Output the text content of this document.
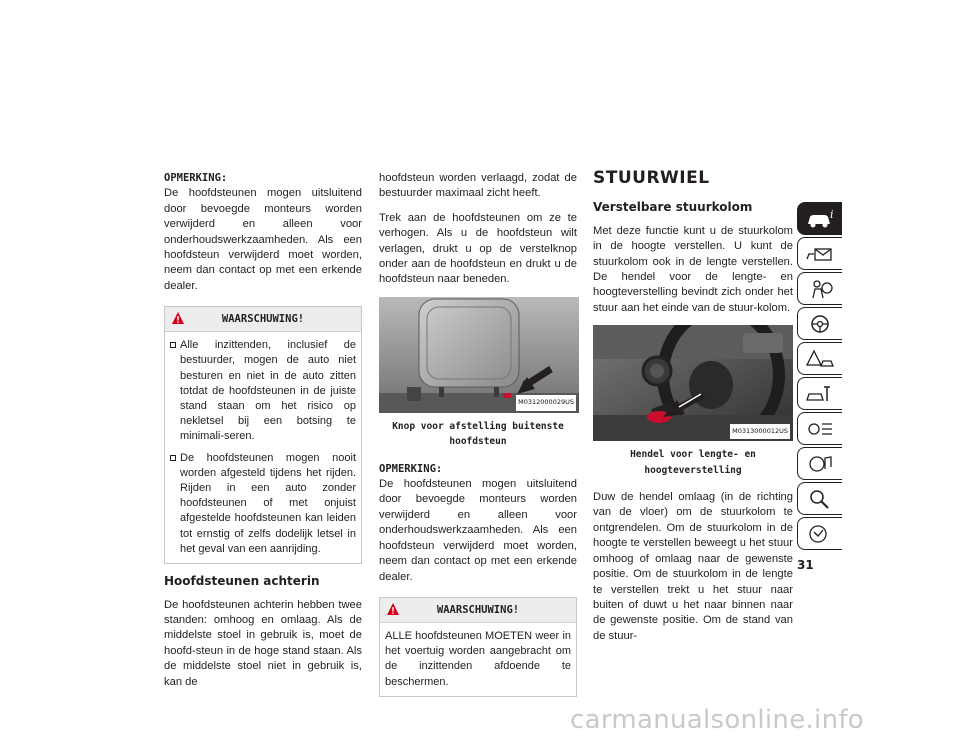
OPMERKING:
De hoofdsteunen mogen uitsluitend door bevoegde monteurs worden verwijderd en alleen voor onderhoudswerkzaamheden. Als een hoofdsteun verwijderd moet worden, neem dan contact op met een erkende dealer.
WAARSCHUWING!
Alle inzittenden, inclusief de bestuurder, mogen de auto niet besturen en niet in de auto zitten totdat de hoofdsteunen in de juiste stand staan om het risico op nekletsel bij een botsing te minimali-seren.
De hoofdsteunen mogen nooit worden afgesteld tijdens het rijden. Rijden in een auto zonder hoofdsteunen of met onjuist afgestelde hoofdsteunen kan leiden tot ernstig of zelfs dodelijk letsel in het geval van een aanrijding.
Hoofdsteunen achterin
De hoofdsteunen achterin hebben twee standen: omhoog en omlaag. Als de middelste stoel in gebruik is, moet de hoofd-steun in de hoge stand staan. Als de middelste stoel niet in gebruik is, kan de
hoofdsteun worden verlaagd, zodat de bestuurder maximaal zicht heeft.
Trek aan de hoofdsteunen om ze te verhogen. Als u de hoofdsteun wilt verlagen, drukt u op de verstelknop onder aan de hoofdsteun en drukt u de hoofdsteun naar beneden.
M0312000029US
Knop voor afstelling buitenste hoofdsteun
OPMERKING:
De hoofdsteunen mogen uitsluitend door bevoegde monteurs worden verwijderd en alleen voor onderhoudswerkzaamheden. Als een hoofdsteun verwijderd moet worden, neem dan contact op met een erkende dealer.
WAARSCHUWING!
ALLE hoofdsteunen MOETEN weer in het voertuig worden aangebracht om de inzittenden afdoende te beschermen.
STUURWIEL
Verstelbare stuurkolom
Met deze functie kunt u de stuurkolom in de hoogte verstellen. U kunt de stuurkolom ook in de lengte verstellen. De hendel voor de lengte- en hoogteverstelling bevindt zich onder het stuur aan het einde van de stuur-kolom.
M0313000012US
Hendel voor lengte- en hoogteverstelling
Duw de hendel omlaag (in de richting van de vloer) om de stuurkolom te ontgrendelen. Om de stuurkolom in de hoogte te verstellen beweegt u het stuur omhoog of omlaag naar de gewenste positie. Om de stuurkolom in de lengte te verstellen trekt u het stuur naar buiten of duwt u het naar binnen naar de gewenste positie. Om de stand van de stuur-
i
31
carmanualsonline.info
